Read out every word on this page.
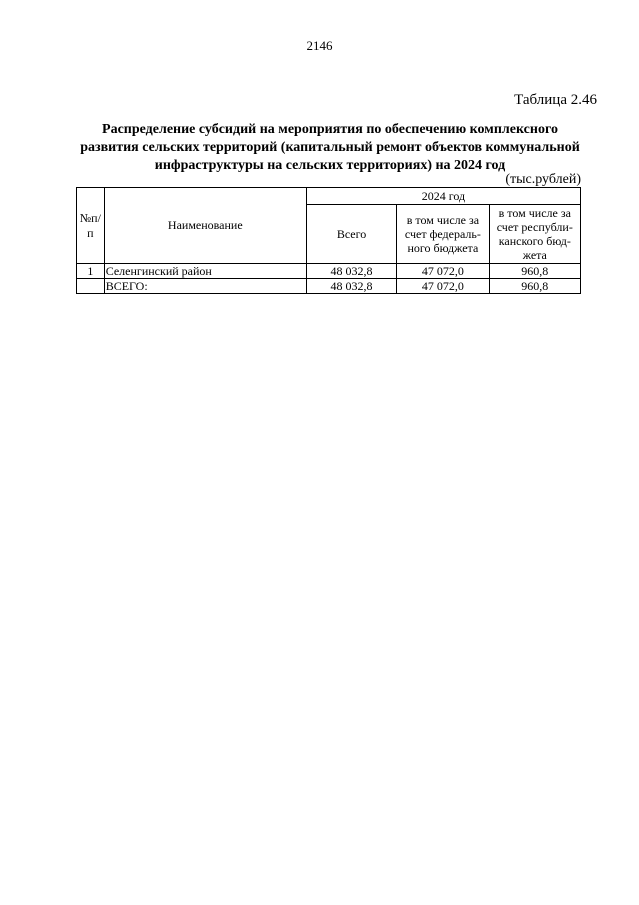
2146
Таблица 2.46
Распределение субсидий на мероприятия по обеспечению комплексного развития сельских территорий (капитальный ремонт объектов коммунальной инфраструктуры на сельских территориях) на 2024 год
(тыс.рублей)
№п/п	Наименование	2024 год		
		Всего	в том числе за счет федераль-ного бюджета	в том числе за счет республи-канского бюд-жета
1	Селенгинский район	48 032,8	47 072,0	960,8
	ВСЕГО:	48 032,8	47 072,0	960,8
